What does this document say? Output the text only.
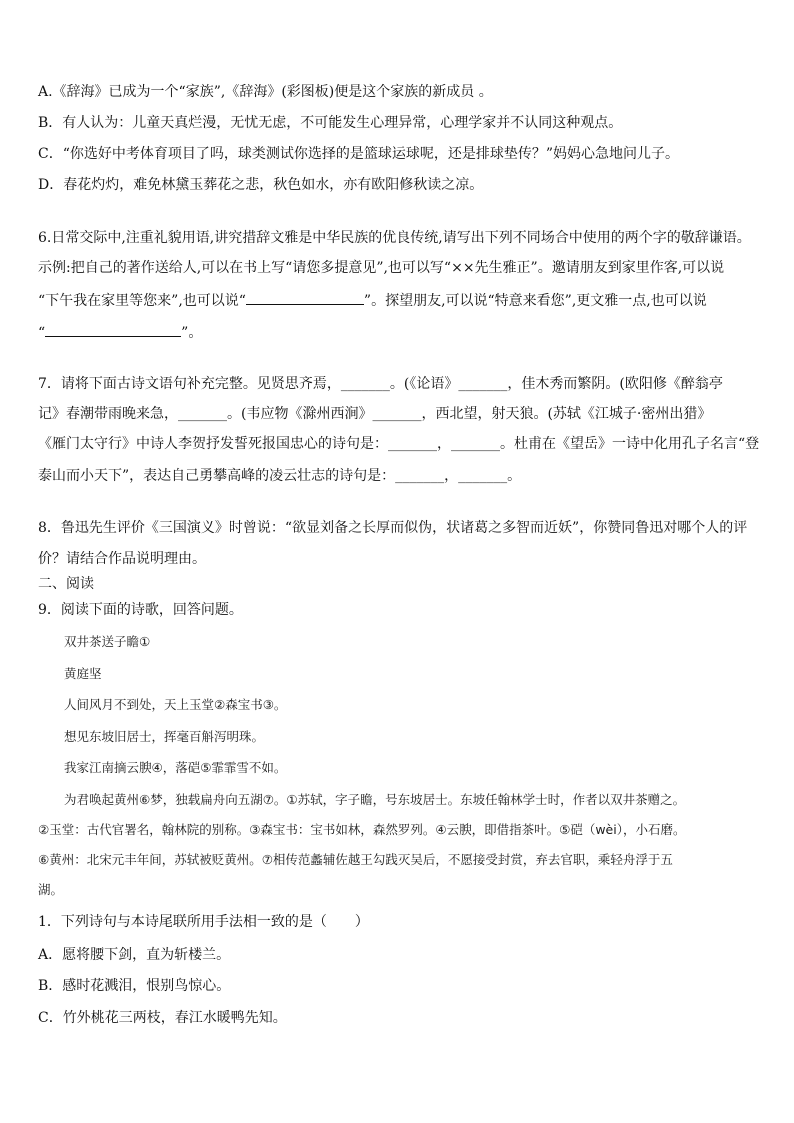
A.《辞海》已成为一个“家族”,《辞海》(彩图板)便是这个家族的新成员 。
B．有人认为：儿童天真烂漫，无忧无虑，不可能发生心理异常，心理学家并不认同这种观点。
C．“你选好中考体育项目了吗，球类测试你选择的是篮球运球呢，还是排球垫传？”妈妈心急地问儿子。
D．春花灼灼，难免林黛玉葬花之悲，秋色如水，亦有欧阳修秋读之凉。
6.日常交际中,注重礼貌用语,讲究措辞文雅是中华民族的优良传统,请写出下列不同场合中使用的两个字的敬辞谦语。
示例:把自己的著作送给人,可以在书上写“请您多提意见”,也可以写“××先生雅正”。邀请朋友到家里作客,可以说
“下午我在家里等您来”,也可以说“	”。探望朋友,可以说“特意来看您”,更文雅一点,也可以说
“	”。
7．请将下面古诗文语句补充完整。见贤思齐焉，_______。(《论语》_______，佳木秀而繁阴。(欧阳修《醉翁亭
记》春潮带雨晚来急，_______。(韦应物《滁州西涧》_______，西北望，射天狼。(苏轼《江城子·密州出猎》
《雁门太守行》中诗人李贺抒发誓死报国忠心的诗句是：_______，_______。杜甫在《望岳》一诗中化用孔子名言“登
泰山而小天下”，表达自己勇攀高峰的凌云壮志的诗句是：_______，_______。
8．鲁迅先生评价《三国演义》时曾说：“欲显刘备之长厚而似伪，状诸葛之多智而近妖”，你赞同鲁迅对哪个人的评
价？请结合作品说明理由。
二、阅读
9．阅读下面的诗歌，回答问题。
双井茶送子瞻①
黄庭坚
人间风月不到处，天上玉堂②森宝书③。
想见东坡旧居士，挥毫百斛泻明珠。
我家江南摘云腴④，落硙⑤霏霏雪不如。
为君唤起黄州⑥梦，独载扁舟向五湖⑦。①苏轼，字子瞻，号东坡居士。东坡任翰林学士时，作者以双井茶赠之。
②玉堂：古代官署名，翰林院的别称。③森宝书：宝书如林，森然罗列。④云腴，即借指茶叶。⑤硙（wèi），小石磨。
⑥黄州：北宋元丰年间，苏轼被贬黄州。⑦相传范蠡辅佐越王勾践灭吴后，不愿接受封赏，弃去官职，乘轻舟浮于五
湖。
1．下列诗句与本诗尾联所用手法相一致的是（　　）
A．愿将腰下剑，直为斩楼兰。
B．感时花溅泪，恨别鸟惊心。
C．竹外桃花三两枝，春江水暖鸭先知。
